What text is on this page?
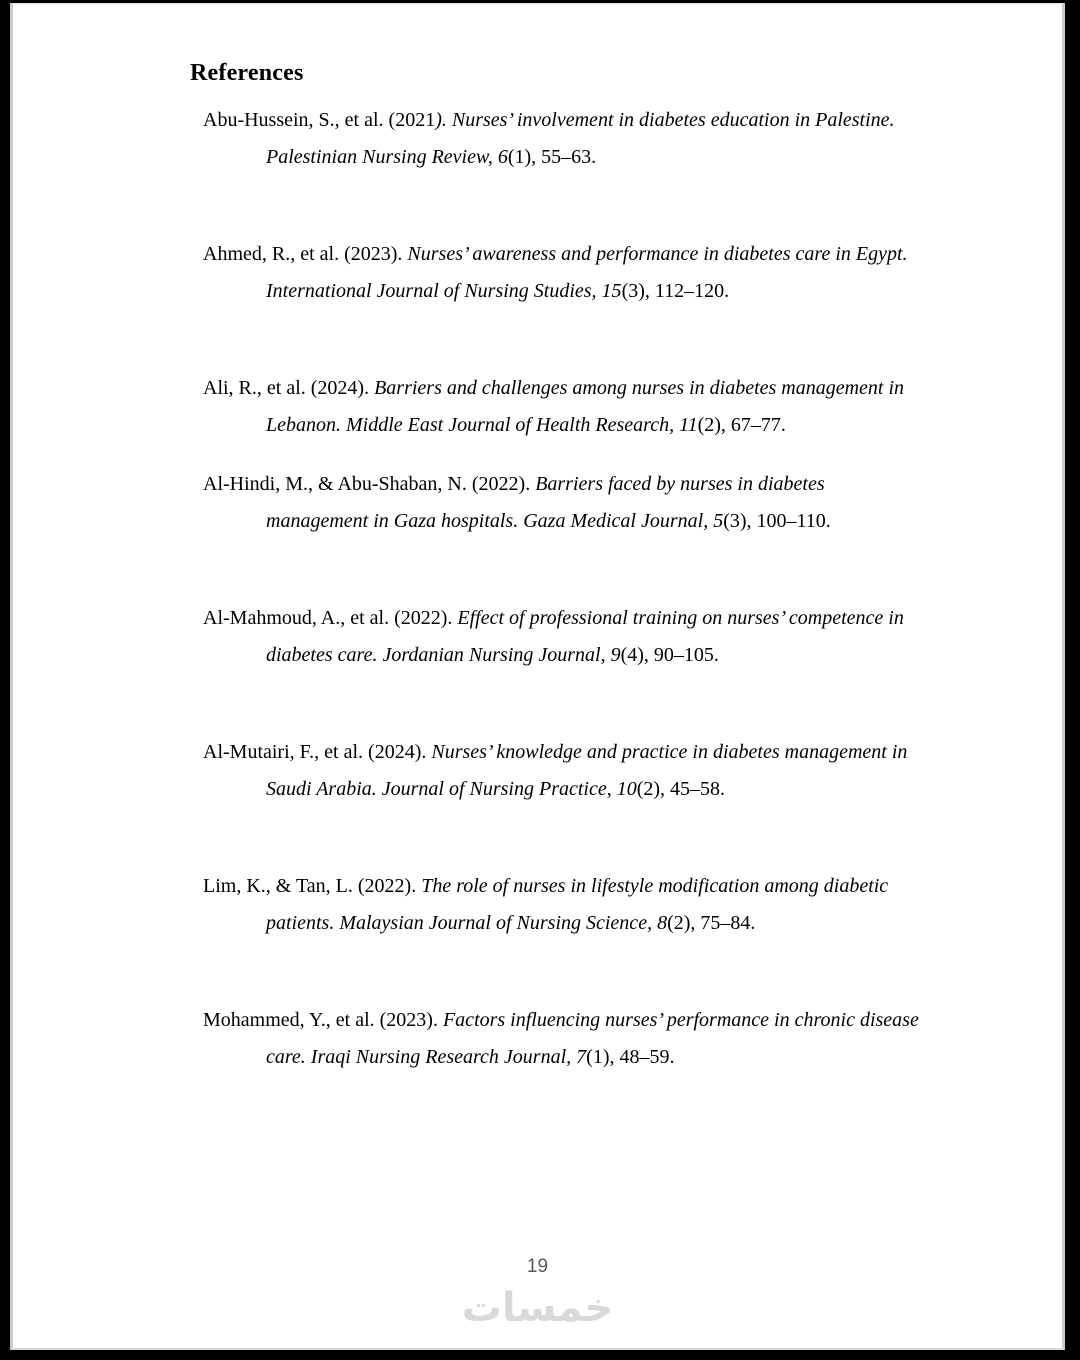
References

Abu-Hussein, S., et al. (2021). Nurses’ involvement in diabetes education in Palestine. Palestinian Nursing Review, 6(1), 55–63.

Ahmed, R., et al. (2023). Nurses’ awareness and performance in diabetes care in Egypt. International Journal of Nursing Studies, 15(3), 112–120.

Ali, R., et al. (2024). Barriers and challenges among nurses in diabetes management in Lebanon. Middle East Journal of Health Research, 11(2), 67–77.

Al-Hindi, M., & Abu-Shaban, N. (2022). Barriers faced by nurses in diabetes management in Gaza hospitals. Gaza Medical Journal, 5(3), 100–110.

Al-Mahmoud, A., et al. (2022). Effect of professional training on nurses’ competence in diabetes care. Jordanian Nursing Journal, 9(4), 90–105.

Al-Mutairi, F., et al. (2024). Nurses’ knowledge and practice in diabetes management in Saudi Arabia. Journal of Nursing Practice, 10(2), 45–58.

Lim, K., & Tan, L. (2022). The role of nurses in lifestyle modification among diabetic patients. Malaysian Journal of Nursing Science, 8(2), 75–84.

Mohammed, Y., et al. (2023). Factors influencing nurses’ performance in chronic disease care. Iraqi Nursing Research Journal, 7(1), 48–59.

19
خمسات
